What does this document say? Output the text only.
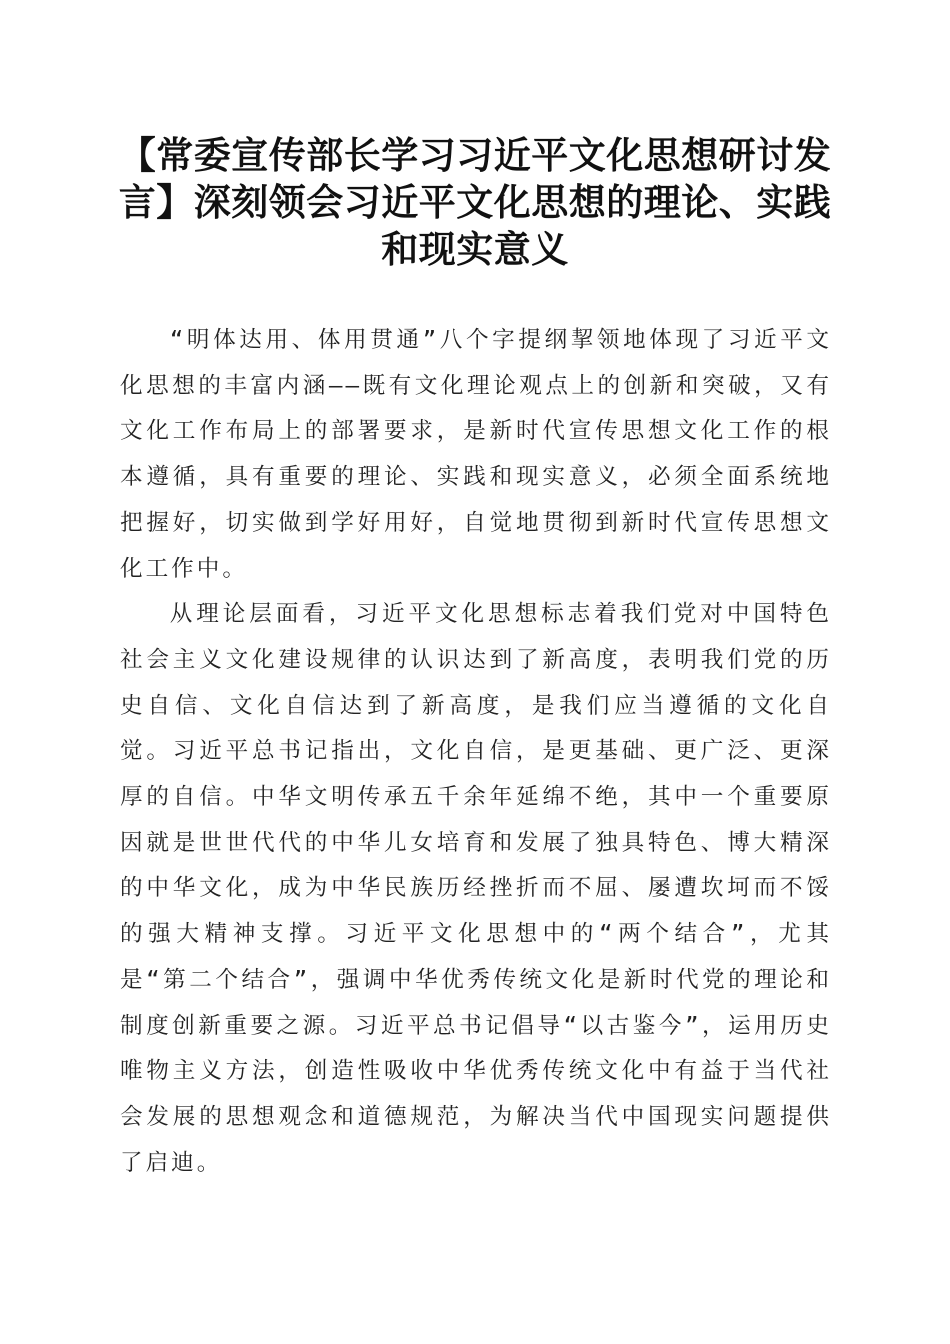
【常委宣传部长学习习近平文化思想研讨发言】深刻领会习近平文化思想的理论、实践和现实意义

“明体达用、体用贯通”八个字提纲挈领地体现了习近平文化思想的丰富内涵——既有文化理论观点上的创新和突破，又有文化工作布局上的部署要求，是新时代宣传思想文化工作的根本遵循，具有重要的理论、实践和现实意义，必须全面系统地把握好，切实做到学好用好，自觉地贯彻到新时代宣传思想文化工作中。

从理论层面看，习近平文化思想标志着我们党对中国特色社会主义文化建设规律的认识达到了新高度，表明我们党的历史自信、文化自信达到了新高度，是我们应当遵循的文化自觉。习近平总书记指出，文化自信，是更基础、更广泛、更深厚的自信。中华文明传承五千余年延绵不绝，其中一个重要原因就是世世代代的中华儿女培育和发展了独具特色、博大精深的中华文化，成为中华民族历经挫折而不屈、屡遭坎坷而不馁的强大精神支撑。习近平文化思想中的“两个结合”，尤其是“第二个结合”，强调中华优秀传统文化是新时代党的理论和制度创新重要之源。习近平总书记倡导“以古鉴今”，运用历史唯物主义方法，创造性吸收中华优秀传统文化中有益于当代社会发展的思想观念和道德规范，为解决当代中国现实问题提供了启迪。
